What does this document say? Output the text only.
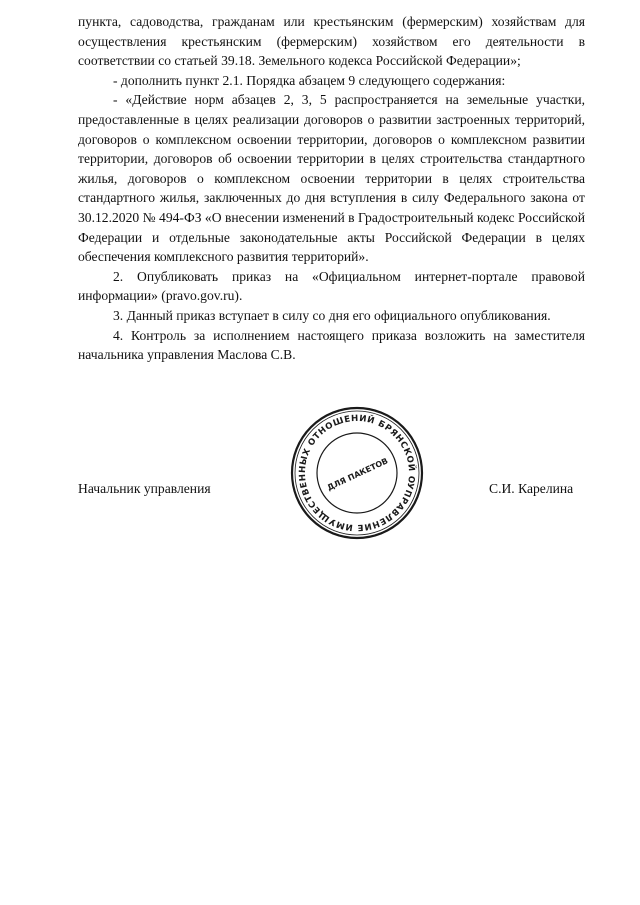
пункта, садоводства, гражданам или крестьянским (фермерским) хозяйствам для осуществления крестьянским (фермерским) хозяйством его деятельности в соответствии со статьей 39.18. Земельного кодекса Российской Федерации»;

- дополнить пункт 2.1. Порядка абзацем 9 следующего содержания:

- «Действие норм абзацев 2, 3, 5 распространяется на земельные участки, предоставленные в целях реализации договоров о развитии застроенных территорий, договоров о комплексном освоении территории, договоров о комплексном развитии территории, договоров об освоении территории в целях строительства стандартного жилья, договоров о комплексном освоении территории в целях строительства стандартного жилья, заключенных до дня вступления в силу Федерального закона от 30.12.2020 № 494-ФЗ «О внесении изменений в Градостроительный кодекс Российской Федерации и отдельные законодательные акты Российской Федерации в целях обеспечения комплексного развития территорий».

2. Опубликовать приказ на «Официальном интернет-портале правовой информации» (pravo.gov.ru).

3. Данный приказ вступает в силу со дня его официального опубликования.

4. Контроль за исполнением настоящего приказа возложить на заместителя начальника управления Маслова С.В.

Начальник управления	УПРАВЛЕНИЕ ИМУЩЕСТВЕННЫХ ОТНОШЕНИЙ БРЯНСКОЙ ОБЛАСТИ
ДЛЯ ПАКЕТОВ	С.И. Карелина
